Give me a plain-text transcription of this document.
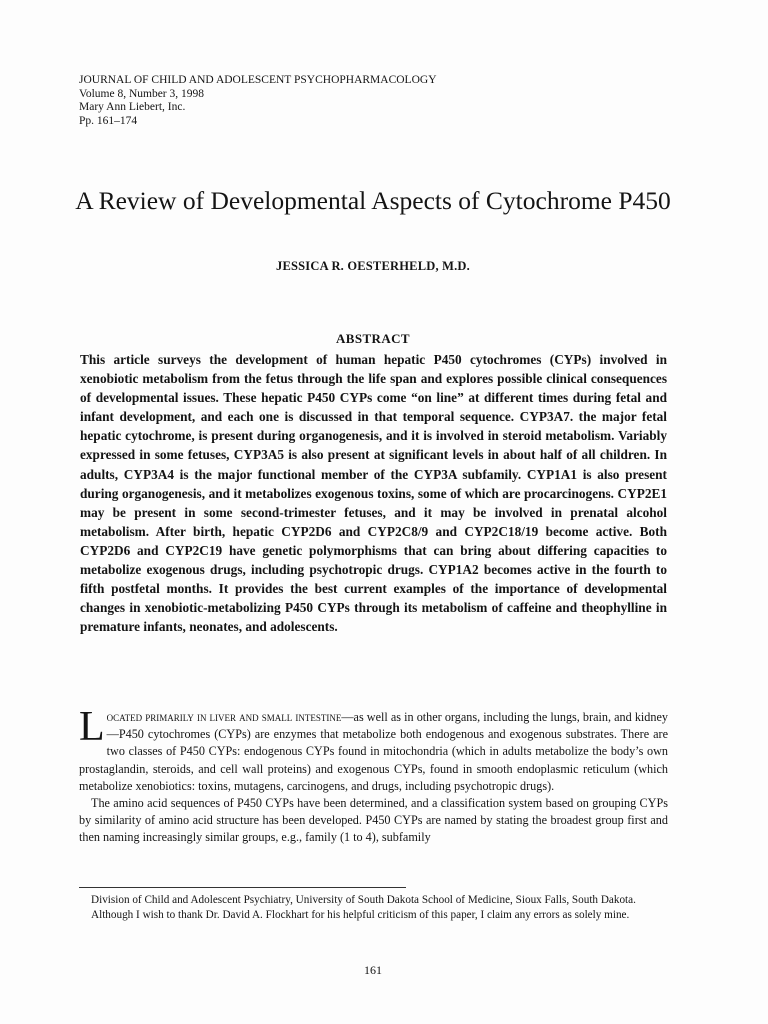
JOURNAL OF CHILD AND ADOLESCENT PSYCHOPHARMACOLOGY
Volume 8, Number 3, 1998
Mary Ann Liebert, Inc.
Pp. 161–174
A Review of Developmental Aspects of Cytochrome P450
JESSICA R. OESTERHELD, M.D.
ABSTRACT

This article surveys the development of human hepatic P450 cytochromes (CYPs) involved in xenobiotic metabolism from the fetus through the life span and explores possible clinical consequences of developmental issues. These hepatic P450 CYPs come “on line” at different times during fetal and infant development, and each one is discussed in that temporal sequence. CYP3A7. the major fetal hepatic cytochrome, is present during organogenesis, and it is involved in steroid metabolism. Variably expressed in some fetuses, CYP3A5 is also present at significant levels in about half of all children. In adults, CYP3A4 is the major functional member of the CYP3A subfamily. CYP1A1 is also present during organogenesis, and it metabolizes exogenous toxins, some of which are procarcinogens. CYP2E1 may be present in some second-trimester fetuses, and it may be involved in prenatal alcohol metabolism. After birth, hepatic CYP2D6 and CYP2C8/9 and CYP2C18/19 become active. Both CYP2D6 and CYP2C19 have genetic polymorphisms that can bring about differing capacities to metabolize exogenous drugs, including psychotropic drugs. CYP1A2 becomes active in the fourth to fifth postfetal months. It provides the best current examples of the importance of developmental changes in xenobiotic-metabolizing P450 CYPs through its metabolism of caffeine and theophylline in premature infants, neonates, and adolescents.

Located primarily in liver and small intestine—as well as in other organs, including the lungs, brain, and kidney—P450 cytochromes (CYPs) are enzymes that metabolize both endogenous and exogenous substrates. There are two classes of P450 CYPs: endogenous CYPs found in mitochondria (which in adults metabolize the body’s own prostaglandin, steroids, and cell wall proteins) and exogenous CYPs, found in smooth endoplasmic reticulum (which metabolize xenobiotics: toxins, mutagens, carcinogens, and drugs, including psychotropic drugs).

The amino acid sequences of P450 CYPs have been determined, and a classification system based on grouping CYPs by similarity of amino acid structure has been developed. P450 CYPs are named by stating the broadest group first and then naming increasingly similar groups, e.g., family (1 to 4), subfamily

Division of Child and Adolescent Psychiatry, University of South Dakota School of Medicine, Sioux Falls, South Dakota.

Although I wish to thank Dr. David A. Flockhart for his helpful criticism of this paper, I claim any errors as solely mine.

161
